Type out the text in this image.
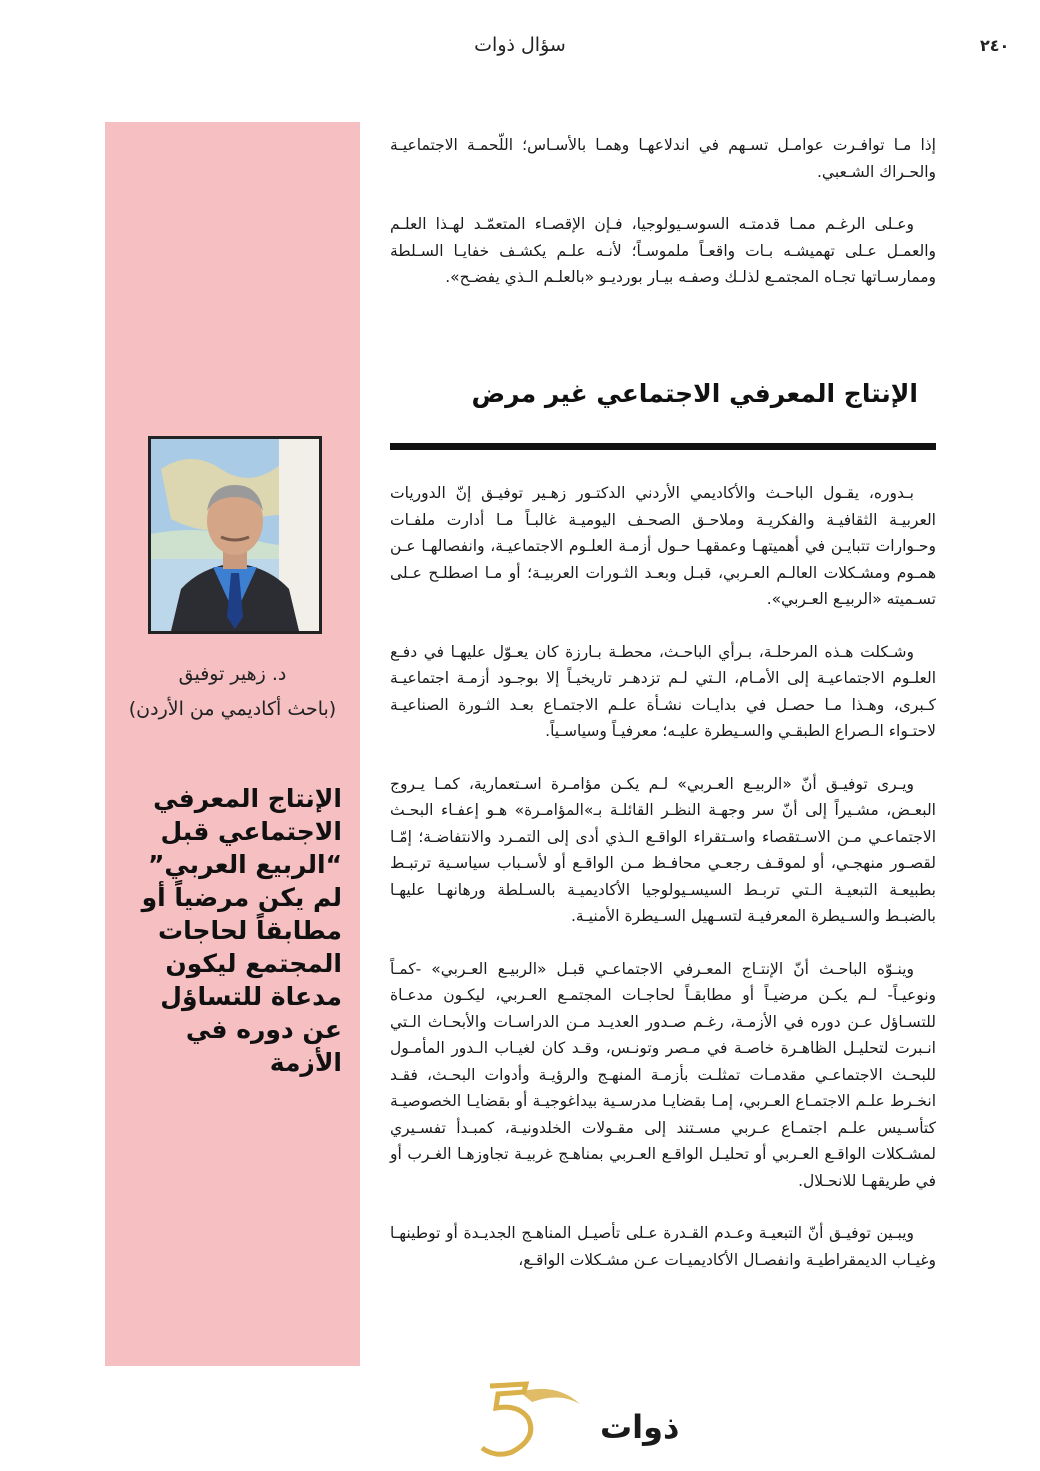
سؤال ذوات	٢٤٠

إذا مـا توافـرت عوامـل تسـهم في اندلاعهـا وهمـا بالأسـاس؛ اللّحمـة الاجتماعيـة والحـراك الشـعبي.

وعـلى الرغـم ممـا قدمتـه السوسـيولوجيا، فـإن الإقصـاء المتعمّـد لهـذا العلـم والعمـل عـلى تهميشـه بـات واقعـاً ملموسـاً؛ لأنـه علـم يكشـف خفايـا السـلطة وممارسـاتها تجـاه المجتمـع لذلـك وصفـه بيـار بورديـو «بالعلـم الـذي يفضـح».

الإنتاج المعرفي الاجتماعي غير مرض

بـدوره، يقـول الباحـث والأكاديمي الأردني الدكتـور زهـير توفيـق إنّ الدوريات العربيـة الثقافيـة والفكريـة وملاحـق الصحـف اليوميـة غالبـاً مـا أدارت ملفـات وحـوارات تتبايـن في أهميتهـا وعمقهـا حـول أزمـة العلـوم الاجتماعيـة، وانفصالهـا عـن همـوم ومشـكلات العالـم العـربي، قبـل وبعـد الثـورات العربيـة؛ أو مـا اصطلـح عـلى تسـميته «الربيـع العـربي».

وشـكلت هـذه المرحلـة، بـرأي الباحـث، محطـة بـارزة كان يعـوّل عليهـا في دفـع العلـوم الاجتماعيـة إلى الأمـام، الـتي لـم تزدهـر تاريخيـاً إلا بوجـود أزمـة اجتماعيـة كـبرى، وهـذا مـا حصـل في بدايـات نشـأة علـم الاجتمـاع بعـد الثـورة الصناعيـة لاحتـواء الـصراع الطبقـي والسـيطرة عليـه؛ معرفيـاً وسياسـياً.

ويـرى توفيـق أنّ «الربيـع العـربي» لـم يكـن مؤامـرة اسـتعمارية، كمـا يـروج البعـض، مشـيراً إلى أنّ سر وجهـة النظـر القائلـة بـ»المؤامـرة» هـو إعفـاء البحـث الاجتماعـي مـن الاسـتقصاء واسـتقراء الواقـع الـذي أدى إلى التمـرد والانتفاضـة؛ إمّـا لقصـور منهجـي، أو لموقـف رجعـي محافـظ مـن الواقـع أو لأسـباب سياسـية ترتبـط بطبيعـة التبعيـة الـتي تربـط السيسـيولوجيا الأكاديميـة بالسـلطة ورهانهـا عليهـا بالضبـط والسـيطرة المعرفيـة لتسـهيل السـيطرة الأمنيـة.

وينـوّه الباحـث أنّ الإنتـاج المعـرفي الاجتماعـي قبـل «الربيـع العـربي» -كمـاً ونوعيـاً- لـم يكـن مرضيـاً أو مطابقـاً لحاجـات المجتمـع العـربي، ليكـون مدعـاة للتسـاؤل عـن دوره في الأزمـة، رغـم صـدور العديـد مـن الدراسـات والأبحـاث الـتي انـبرت لتحليـل الظاهـرة خاصـة في مـصر وتونـس، وقـد كان لغيـاب الـدور المأمـول للبحـث الاجتماعـي مقدمـات تمثلـت بأزمـة المنهـج والرؤيـة وأدوات البحـث، فقـد انخـرط علـم الاجتمـاع العـربي، إمـا بقضايـا مدرسـية بيداغوجيـة أو بقضايـا الخصوصيـة كتأسـيس علـم اجتمـاع عـربي مسـتند إلى مقـولات الخلدونيـة، كمبـدأ تفسـيري لمشـكلات الواقـع العـربي أو تحليـل الواقـع العـربي بمناهـج غربيـة تجاوزهـا الغـرب أو في طريقهـا للانحـلال.

ويبـين توفيـق أنّ التبعيـة وعـدم القـدرة عـلى تأصيـل المناهـج الجديـدة أو توطينهـا وغيـاب الديمقراطيـة وانفصـال الأكاديميـات عـن مشـكلات الواقـع،

د. زهير توفيق
(باحث أكاديمي من الأردن)
الإنتاج المعرفي الاجتماعي قبل “الربيع العربي” لم يكن مرضياً أو مطابقاً لحاجات المجتمع ليكون مدعاة للتساؤل عن دوره في الأزمة
ذوات
